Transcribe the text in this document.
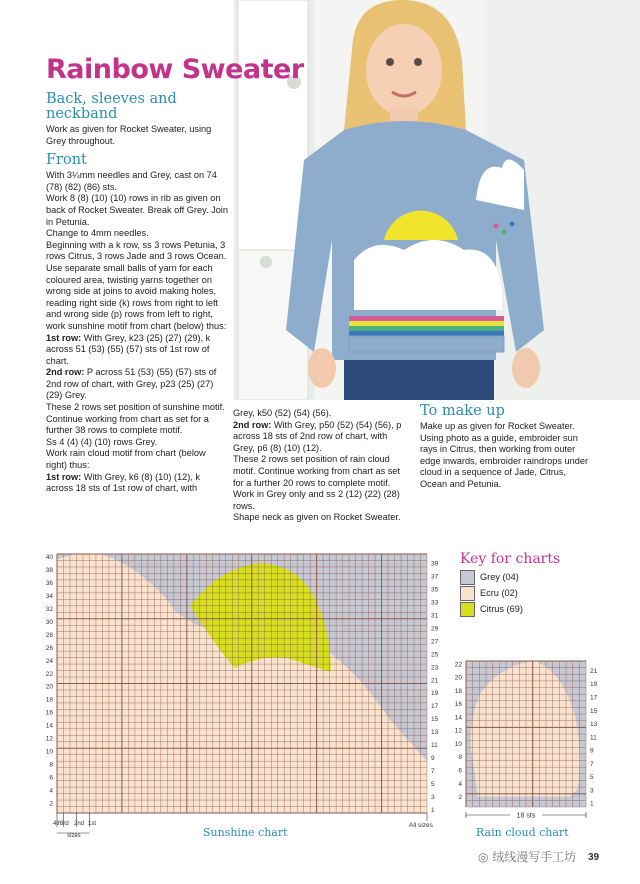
Rainbow Sweater
Back, sleeves and neckband
Work as given for Rocket Sweater, using Grey throughout.
Front

With 3¼mm needles and Grey, cast on 74 (78) (82) (86) sts.

Work 8 (8) (10) (10) rows in rib as given on back of Rocket Sweater. Break off Grey. Join in Petunia.

Change to 4mm needles.

Beginning with a k row, ss 3 rows Petunia, 3 rows Citrus, 3 rows Jade and 3 rows Ocean.

Use separate small balls of yarn for each coloured area, twisting yarns together on wrong side at joins to avoid making holes, reading right side (k) rows from right to left and wrong side (p) rows from left to right, work sunshine motif from chart (below) thus:

1st row: With Grey, k23 (25) (27) (29), k across 51 (53) (55) (57) sts of 1st row of chart.

2nd row: P across 51 (53) (55) (57) sts of 2nd row of chart, with Grey, p23 (25) (27) (29) Grey.

These 2 rows set position of sunshine motif. Continue working from chart as set for a further 38 rows to complete motif.

Ss 4 (4) (4) (10) rows Grey.

Work rain cloud motif from chart (below right) thus:

1st row: With Grey, k6 (8) (10) (12), k across 18 sts of 1st row of chart, with

Grey, k50 (52) (54) (56).

2nd row: With Grey, p50 (52) (54) (56), p across 18 sts of 2nd row of chart, with Grey, p6 (8) (10) (12).

These 2 rows set position of rain cloud motif. Continue working from chart as set for a further 20 rows to complete motif.

Work in Grey only and ss 2 (12) (22) (28) rows.

Shape neck as given on Rocket Sweater.

To make up
Make up as given for Rocket Sweater. Using photo as a guide, embroider sun rays in Citrus, then working from outer edge inwards, embroider raindrops under cloud in a sequence of Jade, Citrus, Ocean and Petunia.
Key for charts
Grey (04)
Ecru (02)
Citrus (69)
2
4
6
8
10
12
14
16
18
20
22
24
26
28
30
32
34
36
38
40
1
3
5
7
9
11
13
15
17
19
21
23
25
27
29
31
33
35
37
39
4th
3rd 2nd 1st
sizes
All sizes
Sunshine chart
2
4
6
8
10
12
14
16
18
20
22
1
3
5
7
9
11
13
15
17
19
21
18 sts
Rain cloud chart
◎ 绒线漫写手工坊 39
